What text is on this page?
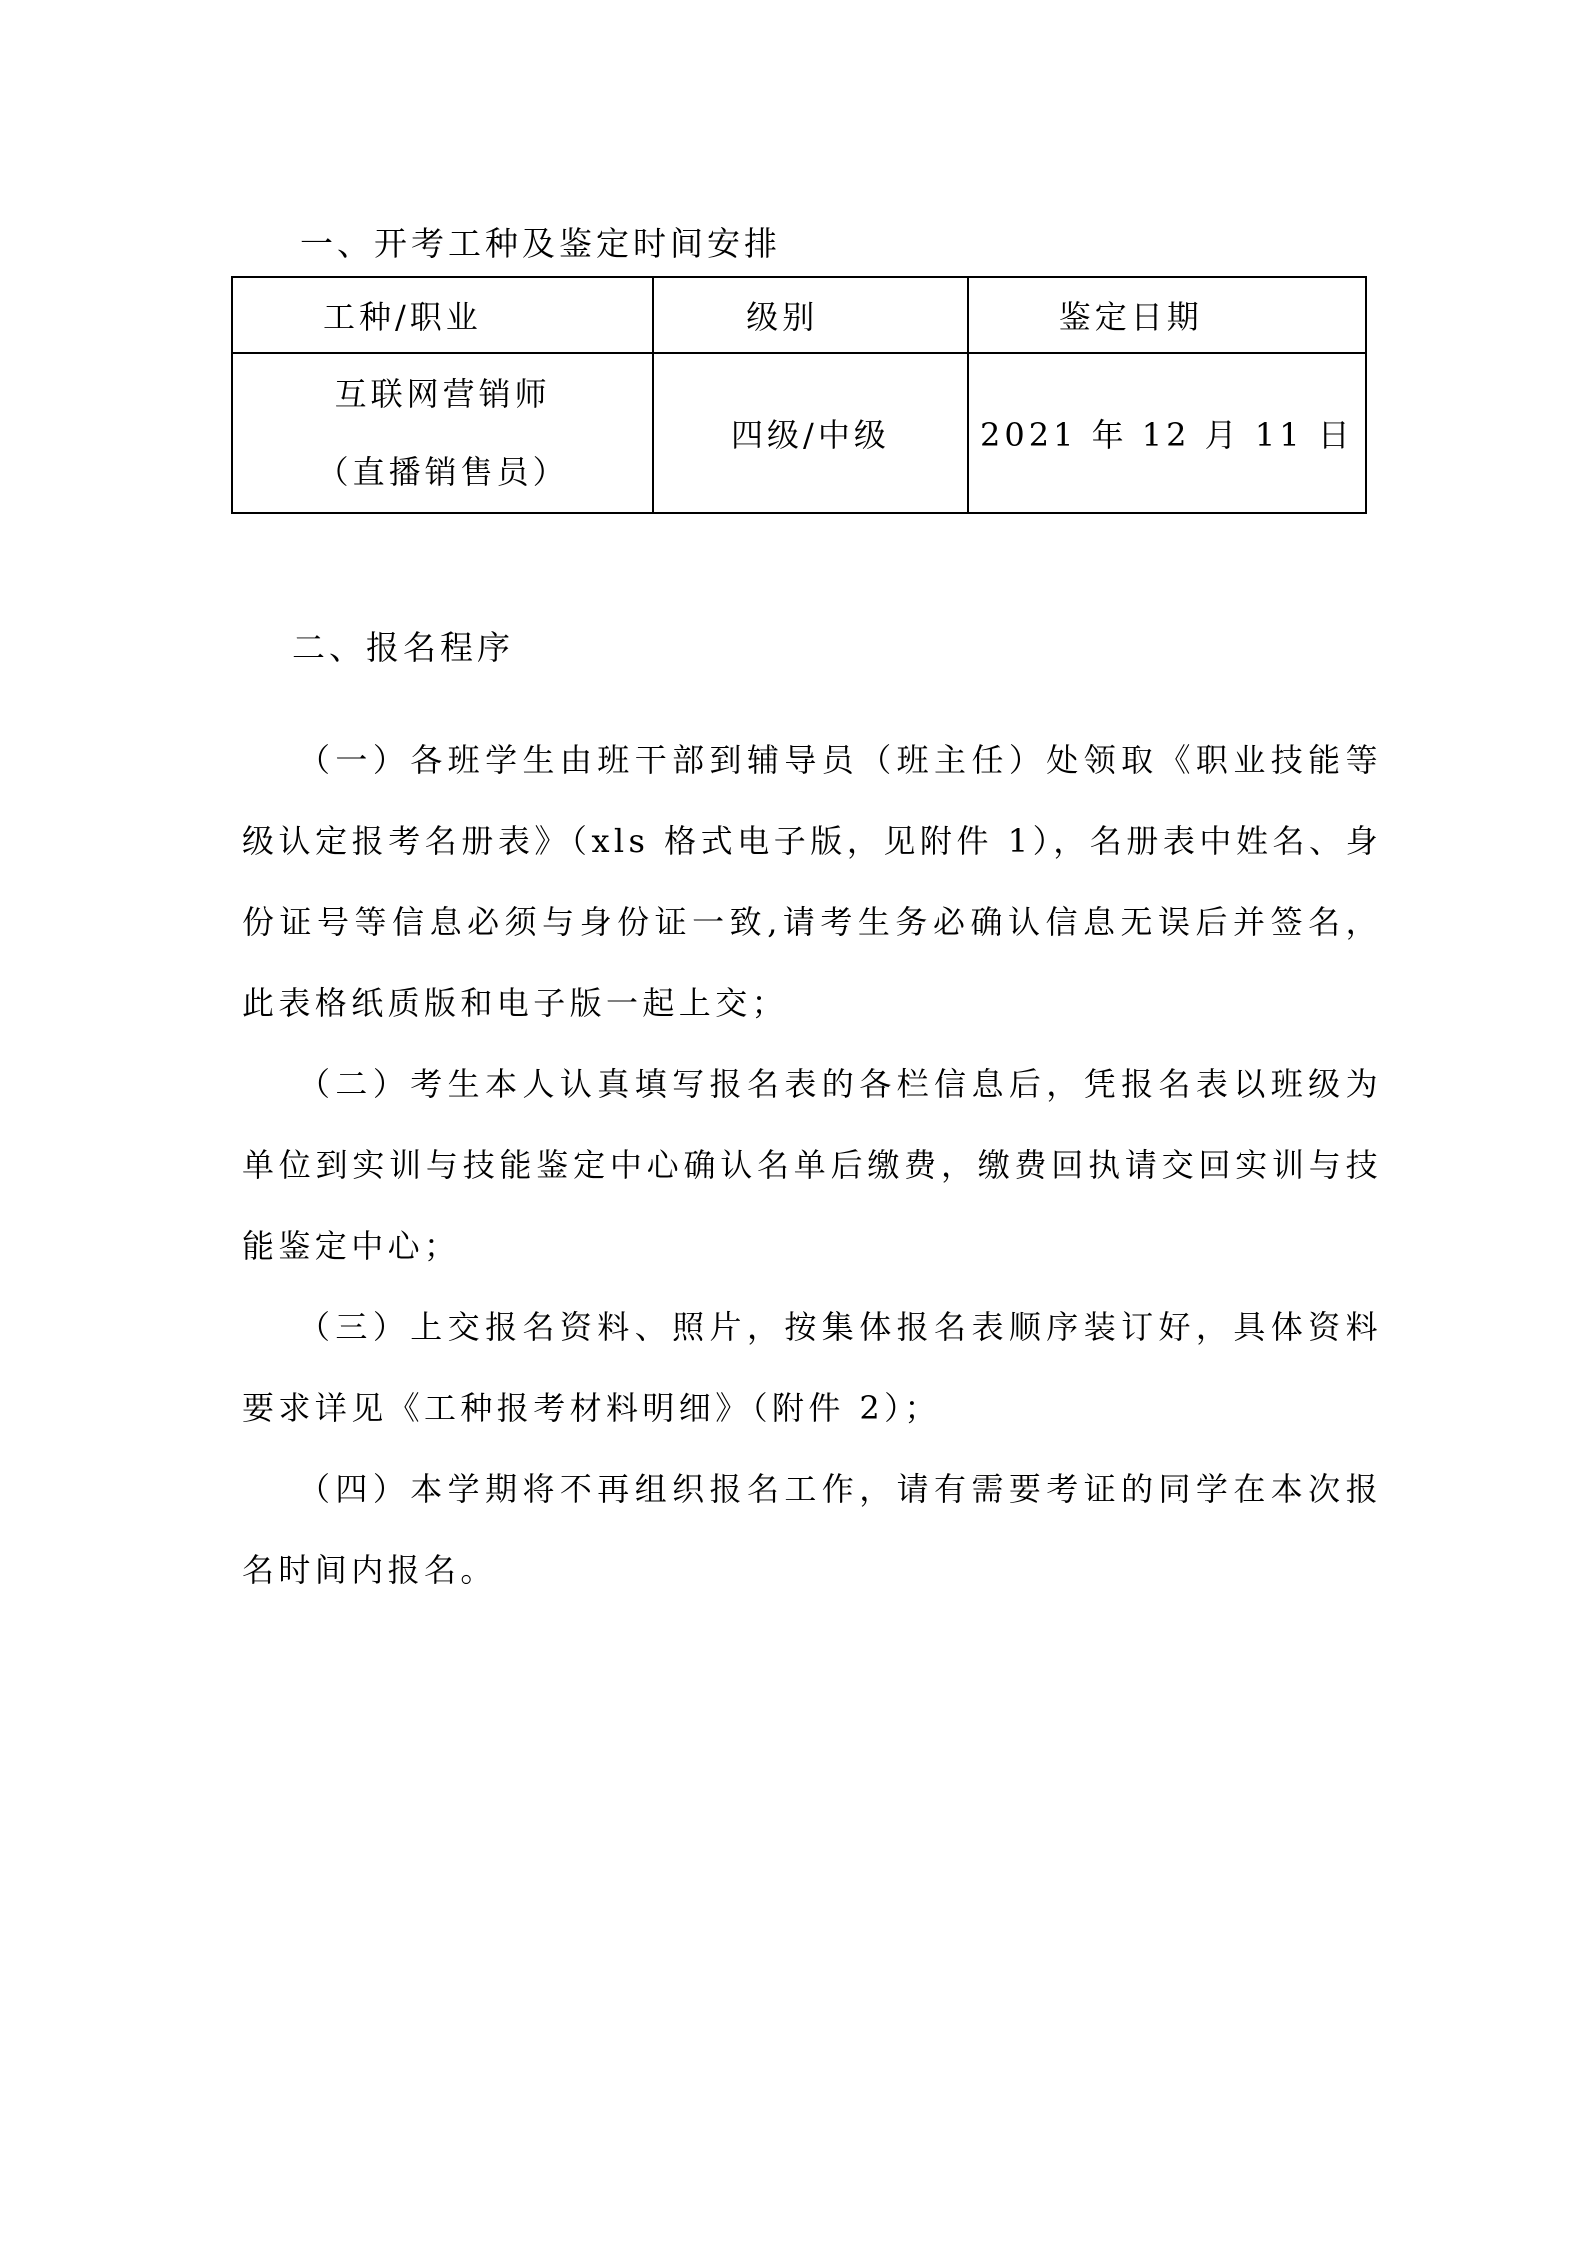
一、开考工种及鉴定时间安排
工种/职业	级别	鉴定日期

互联网营销师
（直播销售员）	四级/中级	2021 年 12 月 11 日
二、报名程序

（一）各班学生由班干部到辅导员（班主任）处领取《职业技能等级认定报考名册表》（xls 格式电子版，见附件 1），名册表中姓名、身份证号等信息必须与身份证一致,请考生务必确认信息无误后并签名，此表格纸质版和电子版一起上交；

（二）考生本人认真填写报名表的各栏信息后，凭报名表以班级为单位到实训与技能鉴定中心确认名单后缴费，缴费回执请交回实训与技能鉴定中心；

（三）上交报名资料、照片，按集体报名表顺序装订好，具体资料要求详见《工种报考材料明细》（附件 2）；

（四）本学期将不再组织报名工作，请有需要考证的同学在本次报名时间内报名。
